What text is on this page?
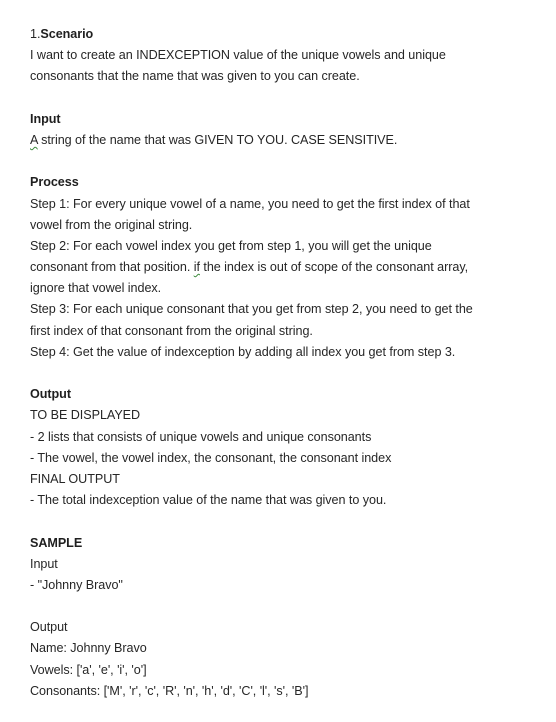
1.Scenario
I want to create an INDEXCEPTION value of the unique vowels and unique
consonants that the name that was given to you can create.
Input
A string of the name that was GIVEN TO YOU. CASE SENSITIVE.
Process
Step 1: For every unique vowel of a name, you need to get the first index of that
vowel from the original string.
Step 2: For each vowel index you get from step 1, you will get the unique
consonant from that position. if the index is out of scope of the consonant array,
ignore that vowel index.
Step 3: For each unique consonant that you get from step 2, you need to get the
first index of that consonant from the original string.
Step 4: Get the value of indexception by adding all index you get from step 3.
Output
TO BE DISPLAYED
- 2 lists that consists of unique vowels and unique consonants
- The vowel, the vowel index, the consonant, the consonant index
FINAL OUTPUT
- The total indexception value of the name that was given to you.
SAMPLE
Input
- "Johnny Bravo"
Output
Name: Johnny Bravo
Vowels: ['a', 'e', 'i', 'o']
Consonants: ['M', 'r', 'c', 'R', 'n', 'h', 'd', 'C', 'l', 's', 'B']
